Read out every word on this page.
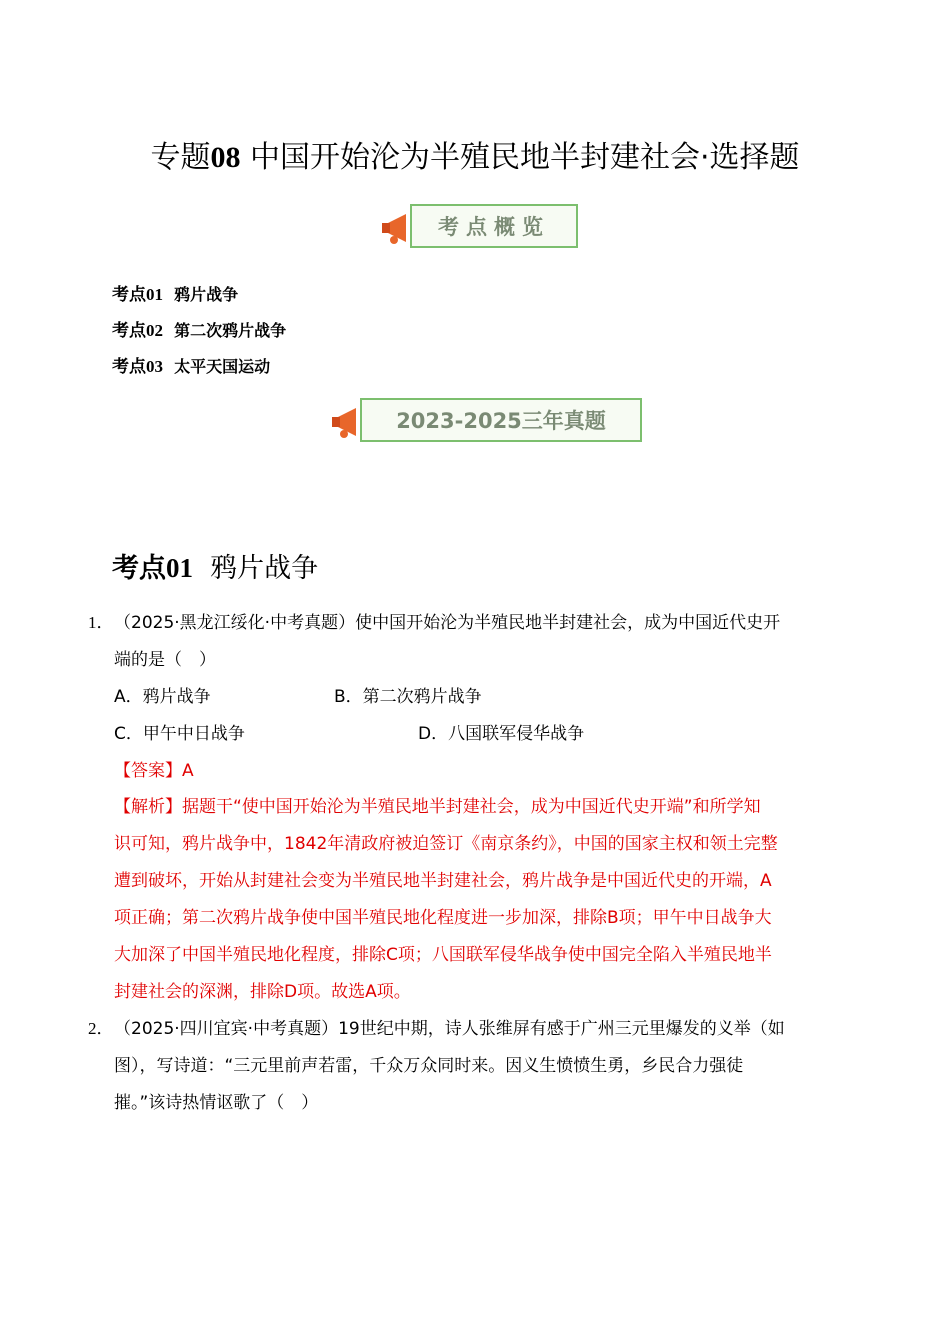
专题08 中国开始沦为半殖民地半封建社会·选择题
考点概览
考点01 鸦片战争
考点02 第二次鸦片战争
考点03 太平天国运动
2023-2025三年真题
考点01 鸦片战争
1． （2025·黑龙江绥化·中考真题）使中国开始沦为半殖民地半封建社会，成为中国近代史开
端的是（　）
A．鸦片战争	B．第二次鸦片战争
C．甲午中日战争	D．八国联军侵华战争
【答案】A
【解析】据题干“使中国开始沦为半殖民地半封建社会，成为中国近代史开端”和所学知
识可知，鸦片战争中，1842年清政府被迫签订《南京条约》，中国的国家主权和领土完整
遭到破坏，开始从封建社会变为半殖民地半封建社会，鸦片战争是中国近代史的开端，A
项正确；第二次鸦片战争使中国半殖民地化程度进一步加深，排除B项；甲午中日战争大
大加深了中国半殖民地化程度，排除C项；八国联军侵华战争使中国完全陷入半殖民地半
封建社会的深渊，排除D项。故选A项。
2． （2025·四川宜宾·中考真题）19世纪中期，诗人张维屏有感于广州三元里爆发的义举（如
图），写诗道：“三元里前声若雷，千众万众同时来。因义生愤愤生勇，乡民合力强徒
摧。”该诗热情讴歌了（　）
